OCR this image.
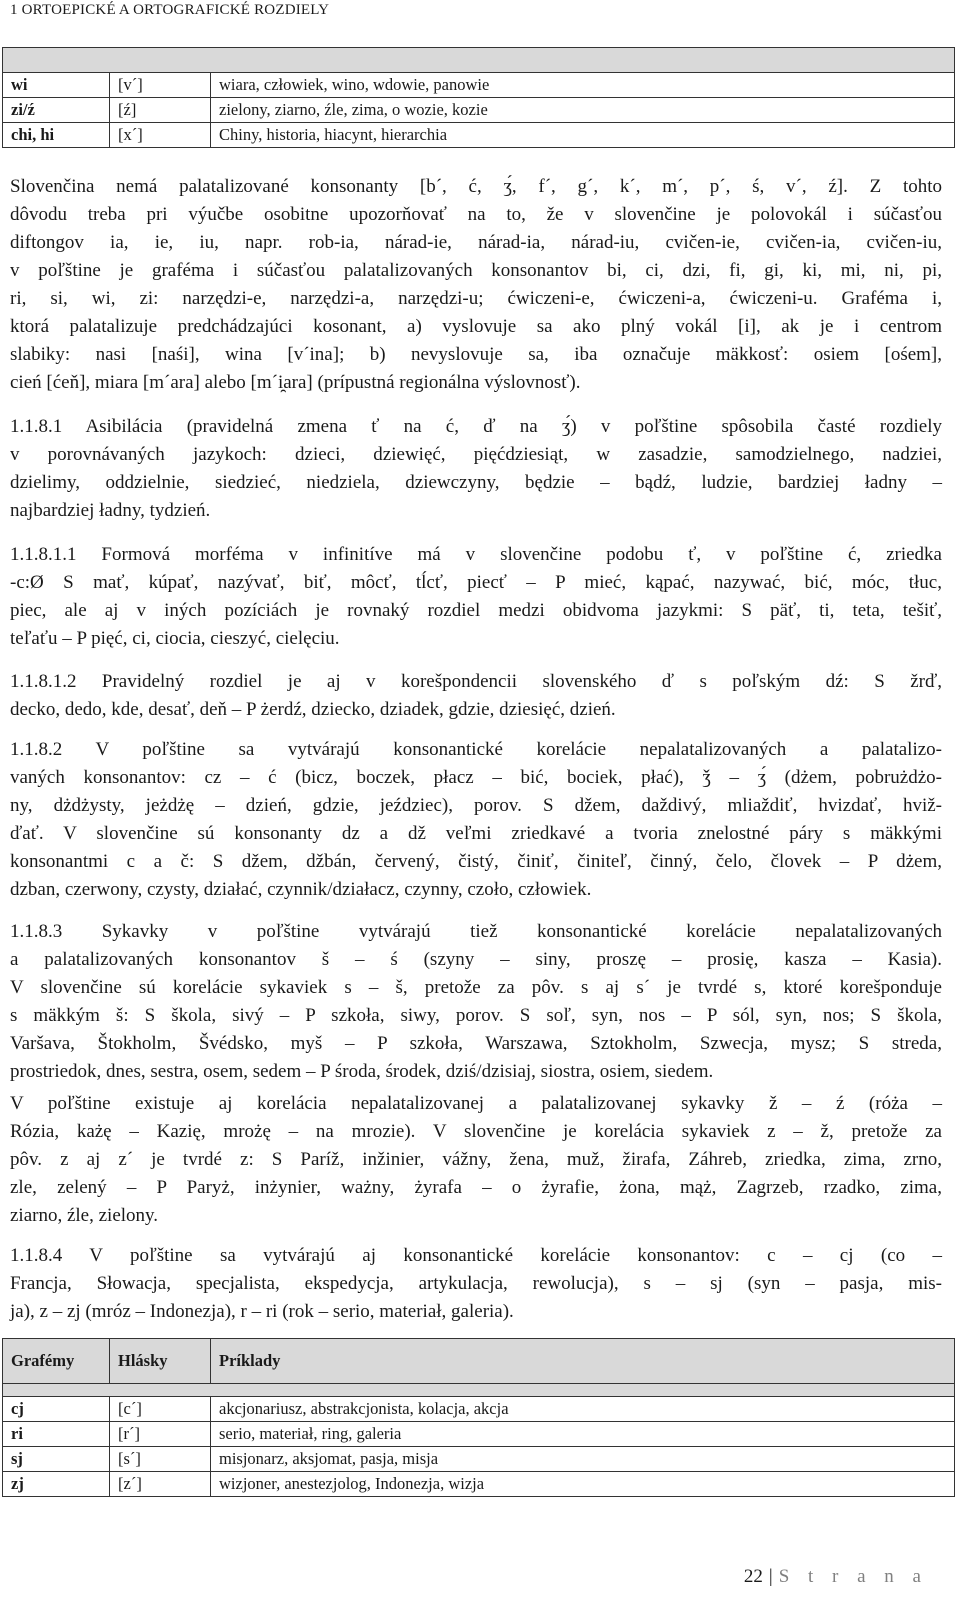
1 ORTOEPICKÉ A ORTOGRAFICKÉ ROZDIELY

wi	[v´]	wiara, człowiek, wino, wdowie, panowie
zi/ź	[ź]	zielony, ziarno, źle, zima, o wozie, kozie
chi, hi	[x´]	Chiny, historia, hiacynt, hierarchia
Slovenčina nemá palatalizované konsonanty [b´, ć, ʒ́, f´, g´, k´, m´, p´, ś, v´, ź]. Z tohto
dôvodu treba pri výučbe osobitne upozorňovať na to, že v slovenčine je polovokál i súčasťou
diftongov ia, ie, iu, napr. rob-ia, nárad-ie, nárad-ia, nárad-iu, cvičen-ie, cvičen-ia, cvičen-iu,
v poľštine je grafémа i súčasťou palatalizovaných konsonantov bi, ci, dzi, fi, gi, ki, mi, ni, pi,
ri, si, wi, zi: narzędzi-e, narzędzi-a, narzędzi-u; ćwiczeni-e, ćwiczeni-a, ćwiczeni-u. Graféma i,
ktorá palatalizuje predchádzajúci kosonant, a) vyslovuje sa ako plný vokál [i], ak je i centrom
slabiky: nasi [naśi], wina [v´ina]; b) nevyslovuje sa, iba označuje mäkkosť: osiem [ośem],
cień [ćeň], miara [m´ara] alebo [m´i̯ara] (prípustná regionálna výslovnosť).
1.1.8.1 Asibilácia (pravidelná zmena ť na ć, ď na ʒ́) v poľštine spôsobila časté rozdiely
v porovnávaných jazykoch: dzieci, dziewięć, pięćdziesiąt, w zasadzie, samodzielnego, nadziei,
dzielimy, oddzielnie, siedzieć, niedziela, dziewczyny, będzie – bądź, ludzie, bardziej ładny –
najbardziej ładny, tydzień.
1.1.8.1.1 Formová morféma v infinitíve má v slovenčine podobu ť, v poľštine ć, zriedka
-c:Ø S mať, kúpať, nazývať, biť, môcť, tĺcť, piecť – P mieć, kąpać, nazywać, bić, móc, tłuc,
piec, ale aj v iných pozíciách je rovnaký rozdiel medzi obidvoma jazykmi: S päť, ti, teta, tešiť,
teľaťu – P pięć, ci, ciocia, cieszyć, cielęciu.
1.1.8.1.2 Pravidelný rozdiel je aj v korešpondencii slovenského ď s poľským dź: S žrď,
decko, dedo, kde, desať, deň – P żerdź, dziecko, dziadek, gdzie, dziesięć, dzień.
1.1.8.2 V poľštine sa vytvárajú konsonantické korelácie nepalatalizovaných a palatalizo-
vaných konsonantov: cz – ć (bicz, boczek, płacz – bić, bociek, płać), ǯ – ʒ́ (dżem, pobrużdżo-
ny, dżdżysty, jeżdżę – dzień, gdzie, jeździec), porov. S džem, daždivý, mliaždiť, hvizdať, hviž-
ďať. V slovenčine sú konsonanty dz a dž veľmi zriedkavé a tvoria znelostné páry s mäkkými
konsonantmi c a č: S džem, džbán, červený, čistý, činiť, činiteľ, činný, čelo, človek – P dżem,
dzban, czerwony, czysty, działać, czynnik/działacz, czynny, czoło, człowiek.
1.1.8.3 Sykavky v poľštine vytvárajú tiež konsonantické korelácie nepalatalizovaných
a palatalizovaných konsonantov š – ś (szyny – siny, proszę – prosię, kasza – Kasia).
V slovenčine sú korelácie sykaviek s – š, pretože za pôv. s aj s´ je tvrdé s, ktoré korešponduje
s mäkkým š: S škola, sivý – P szkoła, siwy, porov. S soľ, syn, nos – P sól, syn, nos; S škola,
Varšava, Štokholm, Švédsko, myš – P szkoła, Warszawa, Sztokholm, Szwecja, mysz; S streda,
prostriedok, dnes, sestra, osem, sedem – P środa, środek, dziś/dzisiaj, siostra, osiem, siedem.
V poľštine existuje aj korelácia nepalatalizovanej a palatalizovanej sykavky ž – ź (róża –
Rózia, każę – Kazię, mrożę – na mrozie). V slovenčine je korelácia sykaviek z – ž, pretože za
pôv. z aj z´ je tvrdé z: S Paríž, inžinier, vážny, žena, muž, žirafa, Záhreb, zriedka, zima, zrno,
zle, zelený – P Paryż, inżynier, ważny, żyrafa – o żyrafie, żona, mąż, Zagrzeb, rzadko, zima,
ziarno, źle, zielony.
1.1.8.4 V poľštine sa vytvárajú aj konsonantické korelácie konsonantov: c – cj (co –
Francja, Słowacja, specjalista, ekspedycja, artykulacja, rewolucja), s – sj (syn – pasja, mis-
ja), z – zj (mróz – Indonezja), r – ri (rok – serio, materiał, galeria).
Grafémy	Hlásky	Príklady

cj	[c´]	akcjonariusz, abstrakcjonista, kolacja, akcja
ri	[r´]	serio, materiał, ring, galeria
sj	[s´]	misjonarz, aksjomat, pasja, misja
zj	[z´]	wizjoner, anestezjolog, Indonezja, wizja
22 | S t r a n a
